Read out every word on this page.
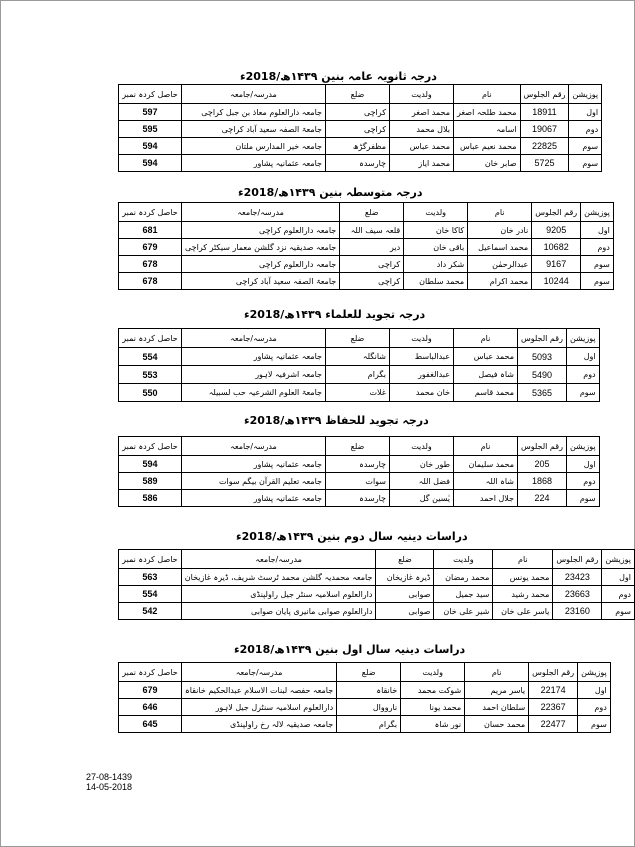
درجہ ثانویہ عامہ بنین ۱۴۳۹ھ/2018ء
پوزیشن	رقم الجلوس	نام	ولدیت	ضلع	مدرسہ/جامعہ	حاصل کردہ نمبر
اول	18911	محمد طلحہ اصغر	محمد اصغر	کراچی	جامعہ دارالعلوم معاذ بن جبل کراچی	597
دوم	19067	اسامہ	بلال محمد	کراچی	جامعۃ الصفہ سعید آباد کراچی	595
سوم	22825	محمد نعیم عباس	محمد عباس	مظفرگڑھ	جامعہ خیر المدارس ملتان	594
سوم	5725	صابر خان	محمد ایاز	چارسدہ	جامعہ عثمانیہ پشاور	594
درجہ متوسطہ بنین ۱۴۳۹ھ/2018ء
پوزیشن	رقم الجلوس	نام	ولدیت	ضلع	مدرسہ/جامعہ	حاصل کردہ نمبر
اول	9205	نادر خان	کاکا خان	قلعہ سیف اللہ	جامعہ دارالعلوم کراچی	681
دوم	10682	محمد اسماعیل	باقی خان	دیر	جامعہ صدیقیہ نزد گلشن معمار سیکٹر کراچی	679
سوم	9167	عبدالرحمٰن	شکر داد	کراچی	جامعہ دارالعلوم کراچی	678
سوم	10244	محمد اکرام	محمد سلطان	کراچی	جامعۃ الصفہ سعید آباد کراچی	678
درجہ تجوید للعلماء ۱۴۳۹ھ/2018ء
پوزیشن	رقم الجلوس	نام	ولدیت	ضلع	مدرسہ/جامعہ	حاصل کردہ نمبر
اول	5093	محمد عباس	عبدالباسط	شانگلہ	جامعہ عثمانیہ پشاور	554
دوم	5490	شاہ فیصل	عبدالغفور	بگرام	جامعہ اشرفیہ لاہور	553
سوم	5365	محمد قاسم	خان محمد	غلات	جامعۃ العلوم الشرعیہ حب لسبیلہ	550
درجہ تجوید للحفاظ ۱۴۳۹ھ/2018ء
پوزیشن	رقم الجلوس	نام	ولدیت	ضلع	مدرسہ/جامعہ	حاصل کردہ نمبر
اول	205	محمد سلیمان	طور خان	چارسدہ	جامعہ عثمانیہ پشاور	594
دوم	1868	شاہ اللہ	فضل اللہ	سوات	جامعہ تعلیم القرآن بیگم سوات	589
سوم	224	جلال احمد	یٰسین گل	چارسدہ	جامعہ عثمانیہ پشاور	586
دراسات دینیہ سال دوم بنین ۱۴۳۹ھ/2018ء
پوزیشن	رقم الجلوس	نام	ولدیت	ضلع	مدرسہ/جامعہ	حاصل کردہ نمبر
اول	23423	محمد یونس	محمد رمضان	ڈیرہ غازیخان	جامعہ محمدیہ گلشن محمد ٹرسٹ شریف، ڈیرہ غازیخان	563
دوم	23663	محمد رشید	سید جمیل	صوابی	دارالعلوم اسلامیہ سنٹر جیل راولپنڈی	554
سوم	23160	یاسر علی خان	شیر علی خان	صوابی	دارالعلوم صوابی مانیری پایان صوابی	542
دراسات دینیہ سال اول بنین ۱۴۳۹ھ/2018ء
پوزیشن	رقم الجلوس	نام	ولدیت	ضلع	مدرسہ/جامعہ	حاصل کردہ نمبر
اول	22174	یاسر مریم	شوکت محمد	خانقاہ	جامعہ حفصہ لبنات الاسلام عبدالحکیم خانقاہ	679
دوم	22367	سلطان احمد	محمد یونا	نارووال	دارالعلوم اسلامیہ سنٹرل جیل لاہور	646
سوم	22477	محمد حسان	نور شاہ	بگرام	جامعہ صدیقیہ لالہ رخ راولپنڈی	645
27-08-1439
14-05-2018
